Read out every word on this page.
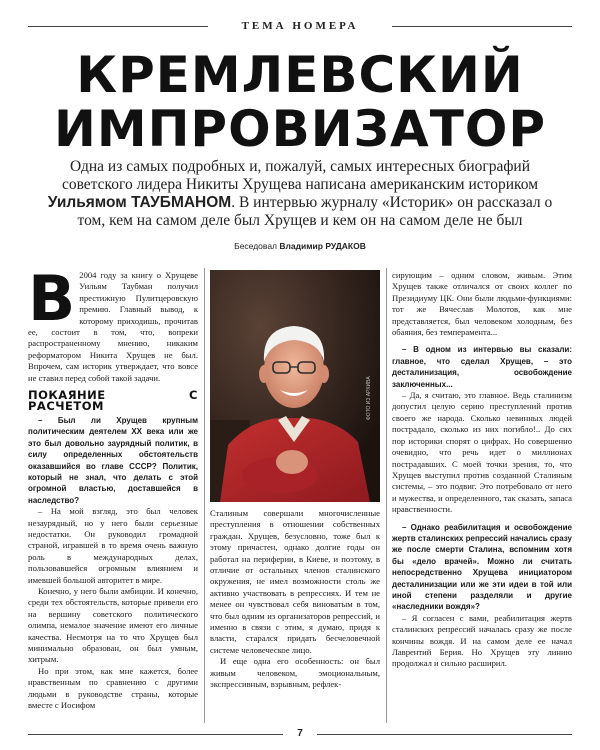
ТЕМА НОМЕРА
КРЕМЛЕВСКИЙ
ИМПРОВИЗАТОР
Одна из самых подробных и, пожалуй, самых интересных биографий советского лидера Никиты Хрущева написана американским историком Уильямом ТАУБМАНОМ. В интервью журналу «Историк» он рассказал о том, кем на самом деле был Хрущев и кем он на самом деле не был
Беседовал Владимир РУДАКОВ
В 2004 году за книгу о Хрущеве Уильям Таубман получил престижную Пулитцеровскую премию. Главный вывод, к которому приходишь, прочитав ее, состоит в том, что, вопреки распространенному мнению, никаким реформатором Никита Хрущев не был. Впрочем, сам историк утверждает, что вовсе не ставил перед собой такой задачи.

ПОКАЯНИЕ С РАСЧЕТОМ

– Был ли Хрущев крупным политическим деятелем XX века или же это был довольно заурядный политик, в силу определенных обстоятельств оказавшийся во главе СССР? Политик, который не знал, что делать с этой огромной властью, доставшейся в наследство?

– На мой взгляд, это был человек незаурядный, но у него были серьезные недостатки. Он руководил громадной страной, игравшей в то время очень важную роль в международных делах, пользовавшейся огромным влиянием и имевшей большой авторитет в мире.

Конечно, у него были амбиции. И конечно, среди тех обстоятельств, которые привели его на вершину советского политического олимпа, немалое значение имеют его личные качества. Несмотря на то что Хрущев был минимально образован, он был умным, хитрым.

Но при этом, как мне кажется, более нравственным по сравнению с другими людьми в руководстве страны, которые вместе с Иосифом

ФОТО ИЗ АРХИВА

Сталиным совершали многочисленные преступления в отношении собственных граждан. Хрущев, безусловно, тоже был к этому причастен, однако долгие годы он работал на периферии, в Киеве, и поэтому, в отличие от остальных членов сталинского окружения, не имел возможности столь же активно участвовать в репрессиях. И тем не менее он чувствовал себя виноватым в том, что был одним из организаторов репрессий, и именно в связи с этим, я думаю, придя к власти, старался придать бесчеловечной системе человеческое лицо.

И еще одна его особенность: он был живым человеком, эмоциональным, экспрессивным, взрывным, рефлек-

сирующим – одним словом, живым. Этим Хрущев также отличался от своих коллег по Президиуму ЦК. Они были людьми-функциями: тот же Вячеслав Молотов, как мне представляется, был человеком холодным, без обаяния, без темперамента...

– В одном из интервью вы сказали: главное, что сделал Хрущев, – это десталинизация, освобождение заключенных...

– Да, я считаю, это главное. Ведь сталинизм допустил целую серию преступлений против своего же народа. Сколько невинных людей пострадало, сколько из них погибло!.. До сих пор историки спорят о цифрах. Но совершенно очевидно, что речь идет о миллионах пострадавших. С моей точки зрения, то, что Хрущев выступил против созданной Сталиным системы, – это подвиг. Это потребовало от него и мужества, и определенного, так сказать, запаса нравственности.

– Однако реабилитация и освобождение жертв сталинских репрессий начались сразу же после смерти Сталина, вспомним хотя бы «дело врачей». Можно ли считать непосредственно Хрущева инициатором десталинизации или же эти идеи в той или иной степени разделяли и другие «наследники вождя»?

– Я согласен с вами, реабилитация жертв сталинских репрессий началась сразу же после кончины вождя. И на самом деле ее начал Лаврентий Берия. Но Хрущев эту линию продолжал и сильно расширил.

7
